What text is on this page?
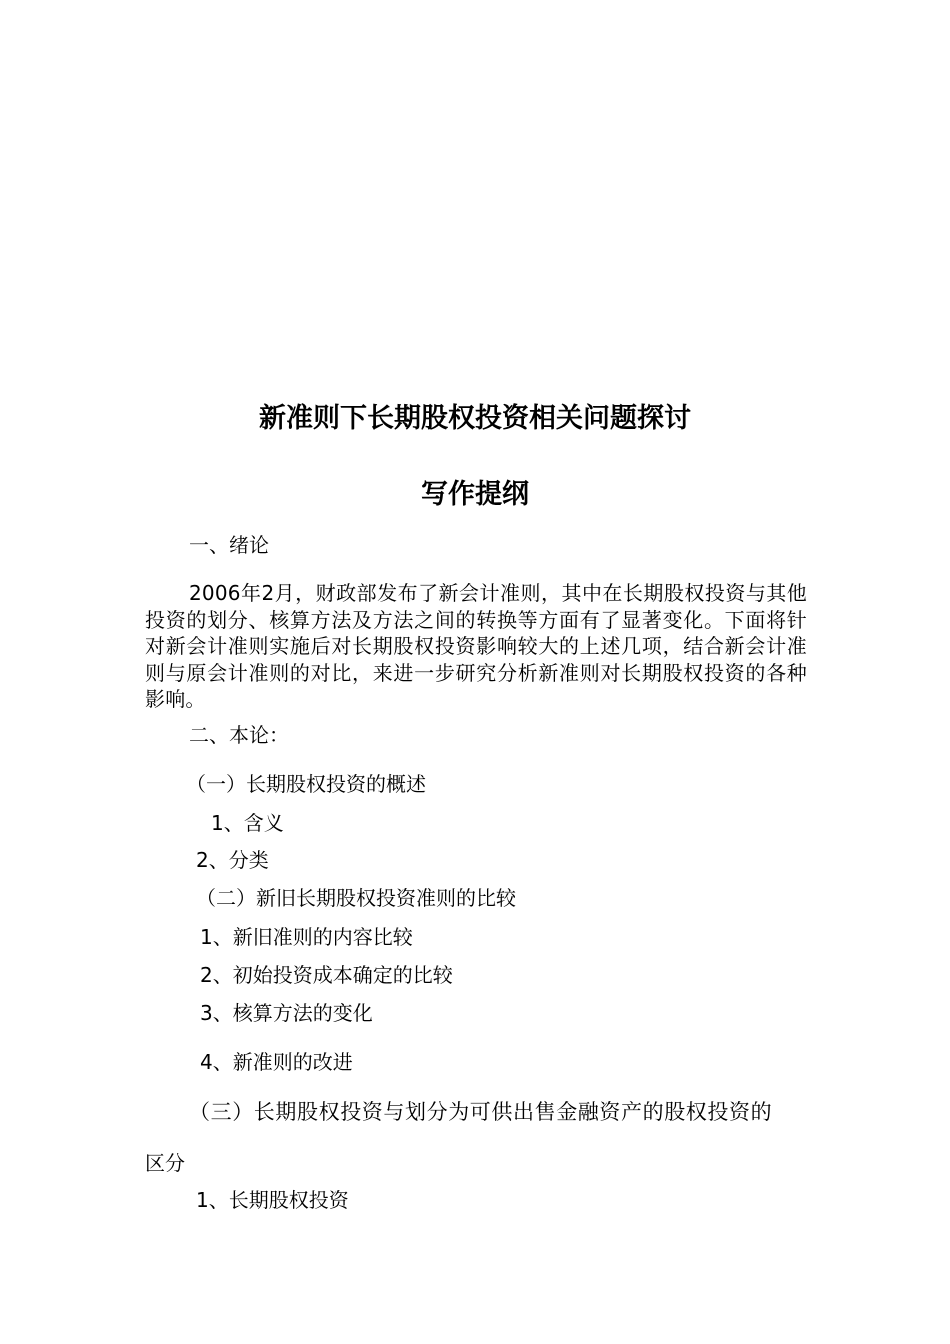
新准则下长期股权投资相关问题探讨
写作提纲
一、绪论
2006年2月，财政部发布了新会计准则，其中在长期股权投资与其他投资的划分、核算方法及方法之间的转换等方面有了显著变化。下面将针对新会计准则实施后对长期股权投资影响较大的上述几项，结合新会计准则与原会计准则的对比，来进一步研究分析新准则对长期股权投资的各种影响。
二、本论：
（一）长期股权投资的概述
1、含义
2、分类
（二）新旧长期股权投资准则的比较
1、新旧准则的内容比较
2、初始投资成本确定的比较
3、核算方法的变化
4、新准则的改进
（三）长期股权投资与划分为可供出售金融资产的股权投资的
区分
1、长期股权投资
